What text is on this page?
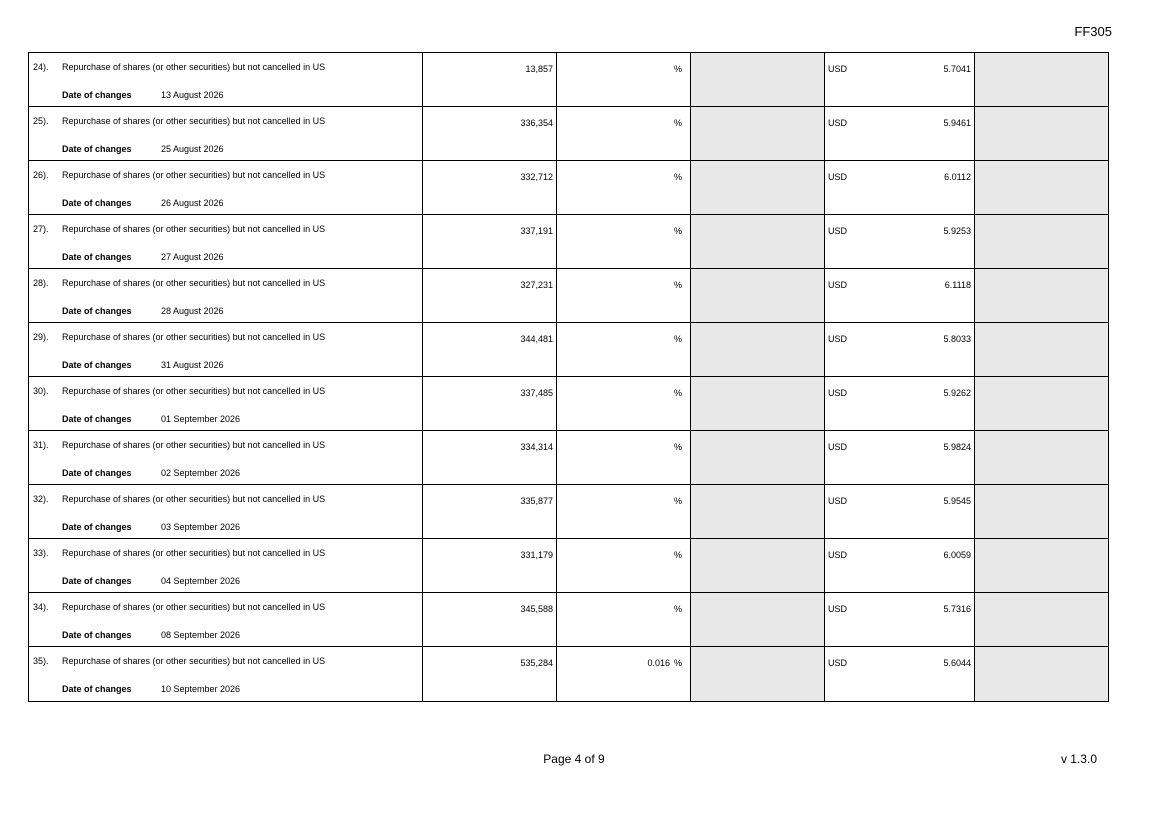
FF305
24). Repurchase of shares (or other securities) but not cancelled in US
Date of changes	13 August 2026
13,857	%	USD	5.7041
25). Repurchase of shares (or other securities) but not cancelled in US
Date of changes	25 August 2026
336,354	%	USD	5.9461
26). Repurchase of shares (or other securities) but not cancelled in US
Date of changes	26 August 2026
332,712	%	USD	6.0112
27). Repurchase of shares (or other securities) but not cancelled in US
Date of changes	27 August 2026
337,191	%	USD	5.9253
28). Repurchase of shares (or other securities) but not cancelled in US
Date of changes	28 August 2026
327,231	%	USD	6.1118
29). Repurchase of shares (or other securities) but not cancelled in US
Date of changes	31 August 2026
344,481	%	USD	5.8033
30). Repurchase of shares (or other securities) but not cancelled in US
Date of changes	01 September 2026
337,485	%	USD	5.9262
31). Repurchase of shares (or other securities) but not cancelled in US
Date of changes	02 September 2026
334,314	%	USD	5.9824
32). Repurchase of shares (or other securities) but not cancelled in US
Date of changes	03 September 2026
335,877	%	USD	5.9545
33). Repurchase of shares (or other securities) but not cancelled in US
Date of changes	04 September 2026
331,179	%	USD	6.0059
34). Repurchase of shares (or other securities) but not cancelled in US
Date of changes	08 September 2026
345,588	%	USD	5.7316
35). Repurchase of shares (or other securities) but not cancelled in US
Date of changes	10 September 2026
535,284	0.016 %	USD	5.6044
Page 4 of 9	v 1.3.0
